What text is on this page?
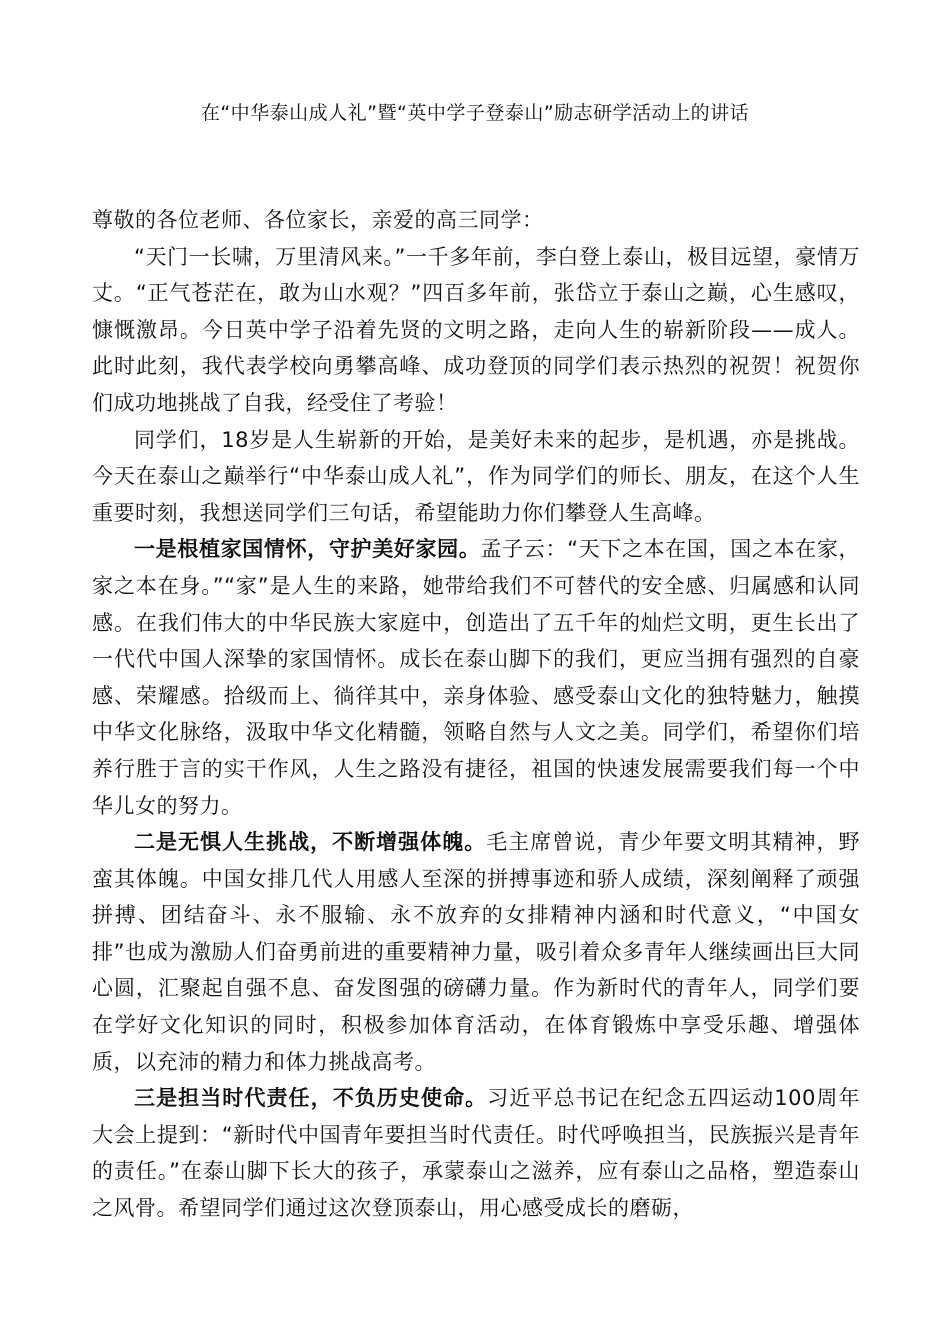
在“中华泰山成人礼”暨“英中学子登泰山”励志研学活动上的讲话

尊敬的各位老师、各位家长，亲爱的高三同学：

“天门一长啸，万里清风来。”一千多年前，李白登上泰山，极目远望，豪情万丈。“正气苍茫在，敢为山水观？”四百多年前，张岱立于泰山之巅，心生感叹，慷慨激昂。今日英中学子沿着先贤的文明之路，走向人生的崭新阶段——成人。此时此刻，我代表学校向勇攀高峰、成功登顶的同学们表示热烈的祝贺！祝贺你们成功地挑战了自我，经受住了考验！

同学们，18岁是人生崭新的开始，是美好未来的起步，是机遇，亦是挑战。今天在泰山之巅举行“中华泰山成人礼”，作为同学们的师长、朋友，在这个人生重要时刻，我想送同学们三句话，希望能助力你们攀登人生高峰。

一是根植家国情怀，守护美好家园。孟子云：“天下之本在国，国之本在家，家之本在身。”“家”是人生的来路，她带给我们不可替代的安全感、归属感和认同感。在我们伟大的中华民族大家庭中，创造出了五千年的灿烂文明，更生长出了一代代中国人深挚的家国情怀。成长在泰山脚下的我们，更应当拥有强烈的自豪感、荣耀感。拾级而上、徜徉其中，亲身体验、感受泰山文化的独特魅力，触摸中华文化脉络，汲取中华文化精髓，领略自然与人文之美。同学们，希望你们培养行胜于言的实干作风，人生之路没有捷径，祖国的快速发展需要我们每一个中华儿女的努力。

二是无惧人生挑战，不断增强体魄。毛主席曾说，青少年要文明其精神，野蛮其体魄。中国女排几代人用感人至深的拼搏事迹和骄人成绩，深刻阐释了顽强拼搏、团结奋斗、永不服输、永不放弃的女排精神内涵和时代意义，“中国女排”也成为激励人们奋勇前进的重要精神力量，吸引着众多青年人继续画出巨大同心圆，汇聚起自强不息、奋发图强的磅礴力量。作为新时代的青年人，同学们要在学好文化知识的同时，积极参加体育活动，在体育锻炼中享受乐趣、增强体质，以充沛的精力和体力挑战高考。

三是担当时代责任，不负历史使命。习近平总书记在纪念五四运动100周年大会上提到：“新时代中国青年要担当时代责任。时代呼唤担当，民族振兴是青年的责任。”在泰山脚下长大的孩子，承蒙泰山之滋养，应有泰山之品格，塑造泰山之风骨。希望同学们通过这次登顶泰山，用心感受成长的磨砺，
